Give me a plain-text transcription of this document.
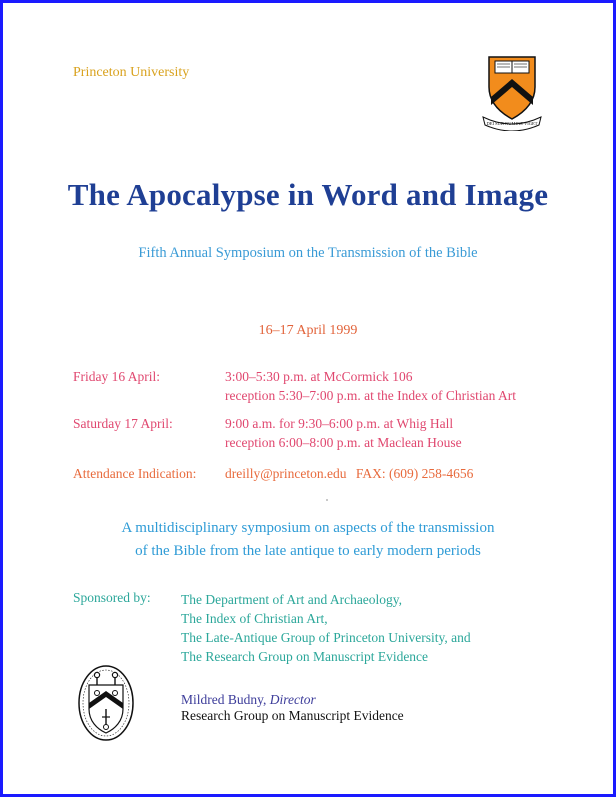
Princeton University
DEI SUB NUMINE VIGET
The Apocalypse in Word and Image
Fifth Annual Symposium on the Transmission of the Bible
16–17 April 1999
Friday 16 April:	3:00–5:30 p.m. at McCormick 106
reception 5:30–7:00 p.m. at the Index of Christian Art
Saturday 17 April:	9:00 a.m. for 9:30–6:00 p.m. at Whig Hall
reception 6:00–8:00 p.m. at Maclean House
Attendance Indication: dreilly@princeton.edu FAX: (609) 258-4656
A multidisciplinary symposium on aspects of the transmission
of the Bible from the late antique to early modern periods
Sponsored by: The Department of Art and Archaeology,
The Index of Christian Art,
The Late-Antique Group of Princeton University, and
The Research Group on Manuscript Evidence
Mildred Budny, Director
Research Group on Manuscript Evidence
